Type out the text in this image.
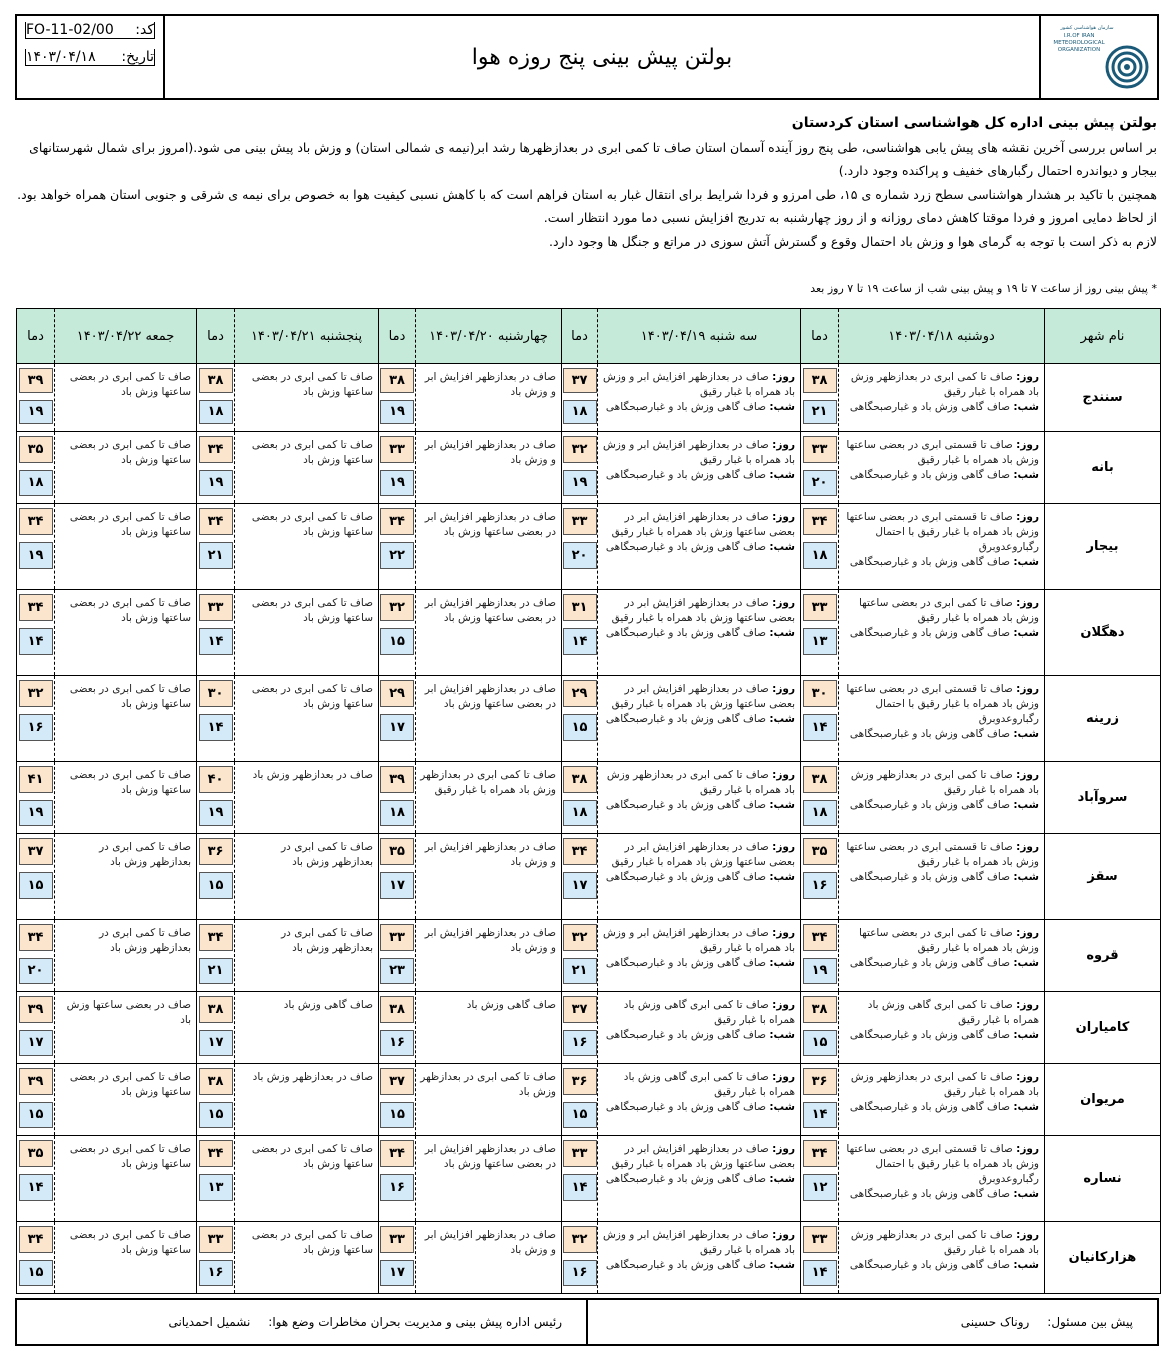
کد:
FO-11-02/00
تاریخ:
۱۴۰۳/۰۴/۱۸	بولتن پیش بینی پنج روزه هوا
سازمان هواشناسی کشور
I.R.OF IRAN
METEOROLOGICAL
ORGANIZATION
بولتن پیش بینی اداره کل هواشناسی استان کردستان
بر اساس بررسی آخرین نقشه های پیش یابی هواشناسی، طی پنج روز آینده آسمان استان صاف تا کمی ابری در بعدازظهرها رشد ابر(نیمه ی شمالی استان) و وزش باد پیش بینی می شود.(امروز برای شمال شهرستانهای بیجار و دیواندره احتمال رگبارهای خفیف و پراکنده وجود دارد.)
همچنین با تاکید بر هشدار هواشناسی سطح زرد شماره ی ۱۵، طی امرزو و فردا شرایط برای انتقال غبار به استان فراهم است که با کاهش نسبی کیفیت هوا به خصوص برای نیمه ی شرقی و جنوبی استان همراه خواهد بود.
از لحاظ دمایی امروز و فردا موقتا کاهش دمای روزانه و از روز چهارشنبه به تدریج افزایش نسبی دما مورد انتظار است.
لازم به ذکر است با توجه به گرمای هوا و وزش باد احتمال وقوع و گسترش آتش سوزی در مراتع و جنگل ها وجود دارد.
* پیش بینی روز از ساعت ۷ تا ۱۹ و پیش بینی شب از ساعت ۱۹ تا ۷ روز بعد
نام شهر
دوشنبه ۱۴۰۳/۰۴/۱۸
دما
سه شنبه ۱۴۰۳/۰۴/۱۹
دما
چهارشنبه ۱۴۰۳/۰۴/۲۰
دما
پنجشنبه ۱۴۰۳/۰۴/۲۱
دما
جمعه ۱۴۰۳/۰۴/۲۲
دما
سنندج
روز: صاف تا کمی ابری در بعدازظهر وزش باد همراه با غبار رقیق
شب: صاف گاهی وزش باد و غبارصبحگاهی
۳۸
۲۱
روز: صاف در بعدازظهر افزایش ابر و وزش باد همراه با غبار رقیق
شب: صاف گاهی وزش باد و غبارصبحگاهی
۳۷
۱۸
صاف در بعدازظهر افزایش ابر و وزش باد
۳۸
۱۹
صاف تا کمی ابری در بعضی ساعتها وزش باد
۳۸
۱۸
صاف تا کمی ابری در بعضی ساعتها وزش باد
۳۹
۱۹
بانه
روز: صاف تا قسمتی ابری در بعضی ساعتها وزش باد همراه با غبار رقیق
شب: صاف گاهی وزش باد و غبارصبحگاهی
۳۳
۲۰
روز: صاف در بعدازظهر افزایش ابر و وزش باد همراه با غبار رقیق
شب: صاف گاهی وزش باد و غبارصبحگاهی
۳۲
۱۹
صاف در بعدازظهر افزایش ابر و وزش باد
۳۳
۱۹
صاف تا کمی ابری در بعضی ساعتها وزش باد
۳۴
۱۹
صاف تا کمی ابری در بعضی ساعتها وزش باد
۳۵
۱۸
بیجار
روز: صاف تا قسمتی ابری در بعضی ساعتها وزش باد همراه با غبار رقیق با احتمال رگباروعدوبرق
شب: صاف گاهی وزش باد و غبارصبحگاهی
۳۴
۱۸
روز: صاف در بعدازظهر افزایش ابر در بعضی ساعتها وزش باد همراه با غبار رقیق
شب: صاف گاهی وزش باد و غبارصبحگاهی
۳۳
۲۰
صاف در بعدازظهر افزایش ابر در بعضی ساعتها وزش باد
۳۴
۲۲
صاف تا کمی ابری در بعضی ساعتها وزش باد
۳۴
۲۱
صاف تا کمی ابری در بعضی ساعتها وزش باد
۳۴
۱۹
دهگلان
روز: صاف تا کمی ابری در بعضی ساعتها وزش باد همراه با غبار رقیق
شب: صاف گاهی وزش باد و غبارصبحگاهی
۳۳
۱۳
روز: صاف در بعدازظهر افزایش ابر در بعضی ساعتها وزش باد همراه با غبار رقیق
شب: صاف گاهی وزش باد و غبارصبحگاهی
۳۱
۱۴
صاف در بعدازظهر افزایش ابر در بعضی ساعتها وزش باد
۳۲
۱۵
صاف تا کمی ابری در بعضی ساعتها وزش باد
۳۳
۱۴
صاف تا کمی ابری در بعضی ساعتها وزش باد
۳۴
۱۴
زرینه
روز: صاف تا قسمتی ابری در بعضی ساعتها وزش باد همراه با غبار رقیق با احتمال رگباروعدوبرق
شب: صاف گاهی وزش باد و غبارصبحگاهی
۳۰
۱۴
روز: صاف در بعدازظهر افزایش ابر در بعضی ساعتها وزش باد همراه با غبار رقیق
شب: صاف گاهی وزش باد و غبارصبحگاهی
۲۹
۱۵
صاف در بعدازظهر افزایش ابر در بعضی ساعتها وزش باد
۲۹
۱۷
صاف تا کمی ابری در بعضی ساعتها وزش باد
۳۰
۱۴
صاف تا کمی ابری در بعضی ساعتها وزش باد
۳۲
۱۶
سروآباد
روز: صاف تا کمی ابری در بعدازظهر وزش باد همراه با غبار رقیق
شب: صاف گاهی وزش باد و غبارصبحگاهی
۳۸
۱۸
روز: صاف تا کمی ابری در بعدازظهر وزش باد همراه با غبار رقیق
شب: صاف گاهی وزش باد و غبارصبحگاهی
۳۸
۱۸
صاف تا کمی ابری در بعدازظهر وزش باد همراه با غبار رقیق
۳۹
۱۸
صاف در بعدازظهر وزش باد
۴۰
۱۹
صاف تا کمی ابری در بعضی ساعتها وزش باد
۴۱
۱۹
سقز
روز: صاف تا قسمتی ابری در بعضی ساعتها وزش باد همراه با غبار رقیق
شب: صاف گاهی وزش باد و غبارصبحگاهی
۳۵
۱۶
روز: صاف در بعدازظهر افزایش ابر در بعضی ساعتها وزش باد همراه با غبار رقیق
شب: صاف گاهی وزش باد و غبارصبحگاهی
۳۴
۱۷
صاف در بعدازظهر افزایش ابر و وزش باد
۳۵
۱۷
صاف تا کمی ابری در بعدازظهر وزش باد
۳۶
۱۵
صاف تا کمی ابری در بعدازظهر وزش باد
۳۷
۱۵
قروه
روز: صاف تا کمی ابری در بعضی ساعتها وزش باد همراه با غبار رقیق
شب: صاف گاهی وزش باد و غبارصبحگاهی
۳۴
۱۹
روز: صاف در بعدازظهر افزایش ابر و وزش باد همراه با غبار رقیق
شب: صاف گاهی وزش باد و غبارصبحگاهی
۳۲
۲۱
صاف در بعدازظهر افزایش ابر و وزش باد
۳۳
۲۳
صاف تا کمی ابری در بعدازظهر وزش باد
۳۴
۲۱
صاف تا کمی ابری در بعدازظهر وزش باد
۳۴
۲۰
کامیاران
روز: صاف تا کمی ابری گاهی وزش باد همراه با غبار رقیق
شب: صاف گاهی وزش باد و غبارصبحگاهی
۳۸
۱۵
روز: صاف تا کمی ابری گاهی وزش باد همراه با غبار رقیق
شب: صاف گاهی وزش باد و غبارصبحگاهی
۳۷
۱۶
صاف گاهی وزش باد
۳۸
۱۶
صاف گاهی وزش باد
۳۸
۱۷
صاف در بعضی ساعتها وزش باد
۳۹
۱۷
مریوان
روز: صاف تا کمی ابری در بعدازظهر وزش باد همراه با غبار رقیق
شب: صاف گاهی وزش باد و غبارصبحگاهی
۳۶
۱۴
روز: صاف تا کمی ابری گاهی وزش باد همراه با غبار رقیق
شب: صاف گاهی وزش باد و غبارصبحگاهی
۳۶
۱۵
صاف تا کمی ابری در بعدازظهر وزش باد
۳۷
۱۵
صاف در بعدازظهر وزش باد
۳۸
۱۵
صاف تا کمی ابری در بعضی ساعتها وزش باد
۳۹
۱۵
نساره
روز: صاف تا قسمتی ابری در بعضی ساعتها وزش باد همراه با غبار رقیق با احتمال رگباروعدوبرق
شب: صاف گاهی وزش باد و غبارصبحگاهی
۳۴
۱۲
روز: صاف در بعدازظهر افزایش ابر در بعضی ساعتها وزش باد همراه با غبار رقیق
شب: صاف گاهی وزش باد و غبارصبحگاهی
۳۳
۱۴
صاف در بعدازظهر افزایش ابر در بعضی ساعتها وزش باد
۳۴
۱۶
صاف تا کمی ابری در بعضی ساعتها وزش باد
۳۴
۱۳
صاف تا کمی ابری در بعضی ساعتها وزش باد
۳۵
۱۴
هزارکانیان
روز: صاف تا کمی ابری در بعدازظهر وزش باد همراه با غبار رقیق
شب: صاف گاهی وزش باد و غبارصبحگاهی
۳۳
۱۴
روز: صاف در بعدازظهر افزایش ابر و وزش باد همراه با غبار رقیق
شب: صاف گاهی وزش باد و غبارصبحگاهی
۳۲
۱۶
صاف در بعدازظهر افزایش ابر و وزش باد
۳۳
۱۷
صاف تا کمی ابری در بعضی ساعتها وزش باد
۳۳
۱۶
صاف تا کمی ابری در بعضی ساعتها وزش باد
۳۴
۱۵
پیش بین مسئول:
روناک حسینی
رئیس اداره پیش بینی و مدیریت بحران مخاطرات وضع هوا:
نشمیل احمدیانی
